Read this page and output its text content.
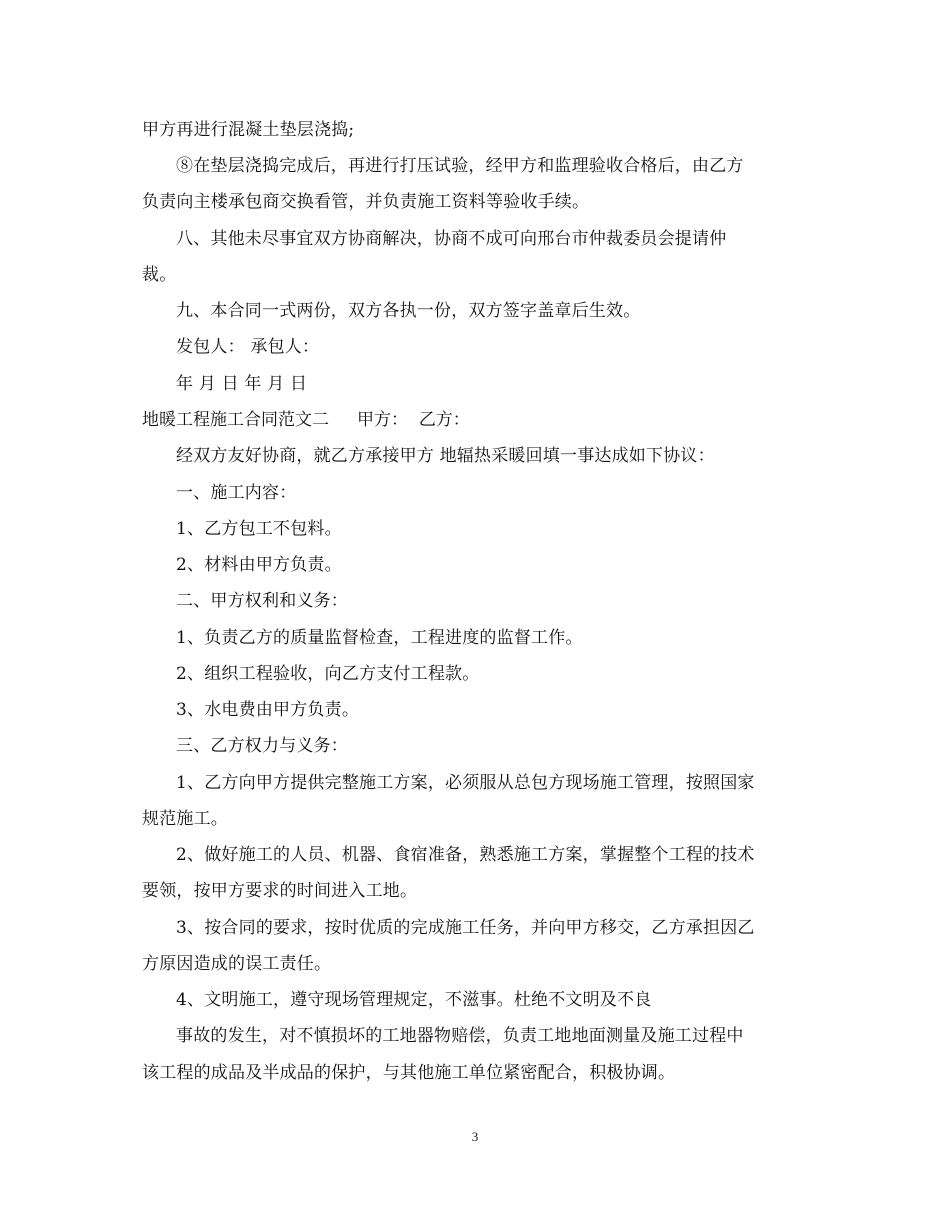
甲方再进行混凝土垫层浇捣;
⑧在垫层浇捣完成后，再进行打压试验，经甲方和监理验收合格后，由乙方
负责向主楼承包商交换看管，并负责施工资料等验收手续。
八、其他未尽事宜双方协商解决，协商不成可向邢台市仲裁委员会提请仲
裁。
九、本合同一式两份，双方各执一份，双方签字盖章后生效。
发包人： 承包人：
年 月 日 年 月 日
地暖工程施工合同范文二 甲方： 乙方：
经双方友好协商，就乙方承接甲方 地辐热采暖回填一事达成如下协议：
一、施工内容：
1、乙方包工不包料。
2、材料由甲方负责。
二、甲方权利和义务：
1、负责乙方的质量监督检查，工程进度的监督工作。
2、组织工程验收，向乙方支付工程款。
3、水电费由甲方负责。
三、乙方权力与义务：
1、乙方向甲方提供完整施工方案，必须服从总包方现场施工管理，按照国家
规范施工。
2、做好施工的人员、机器、食宿准备，熟悉施工方案，掌握整个工程的技术
要领，按甲方要求的时间进入工地。
3、按合同的要求，按时优质的完成施工任务，并向甲方移交，乙方承担因乙
方原因造成的误工责任。
4、文明施工，遵守现场管理规定，不滋事。杜绝不文明及不良
事故的发生，对不慎损坏的工地器物赔偿，负责工地地面测量及施工过程中
该工程的成品及半成品的保护，与其他施工单位紧密配合，积极协调。
3
